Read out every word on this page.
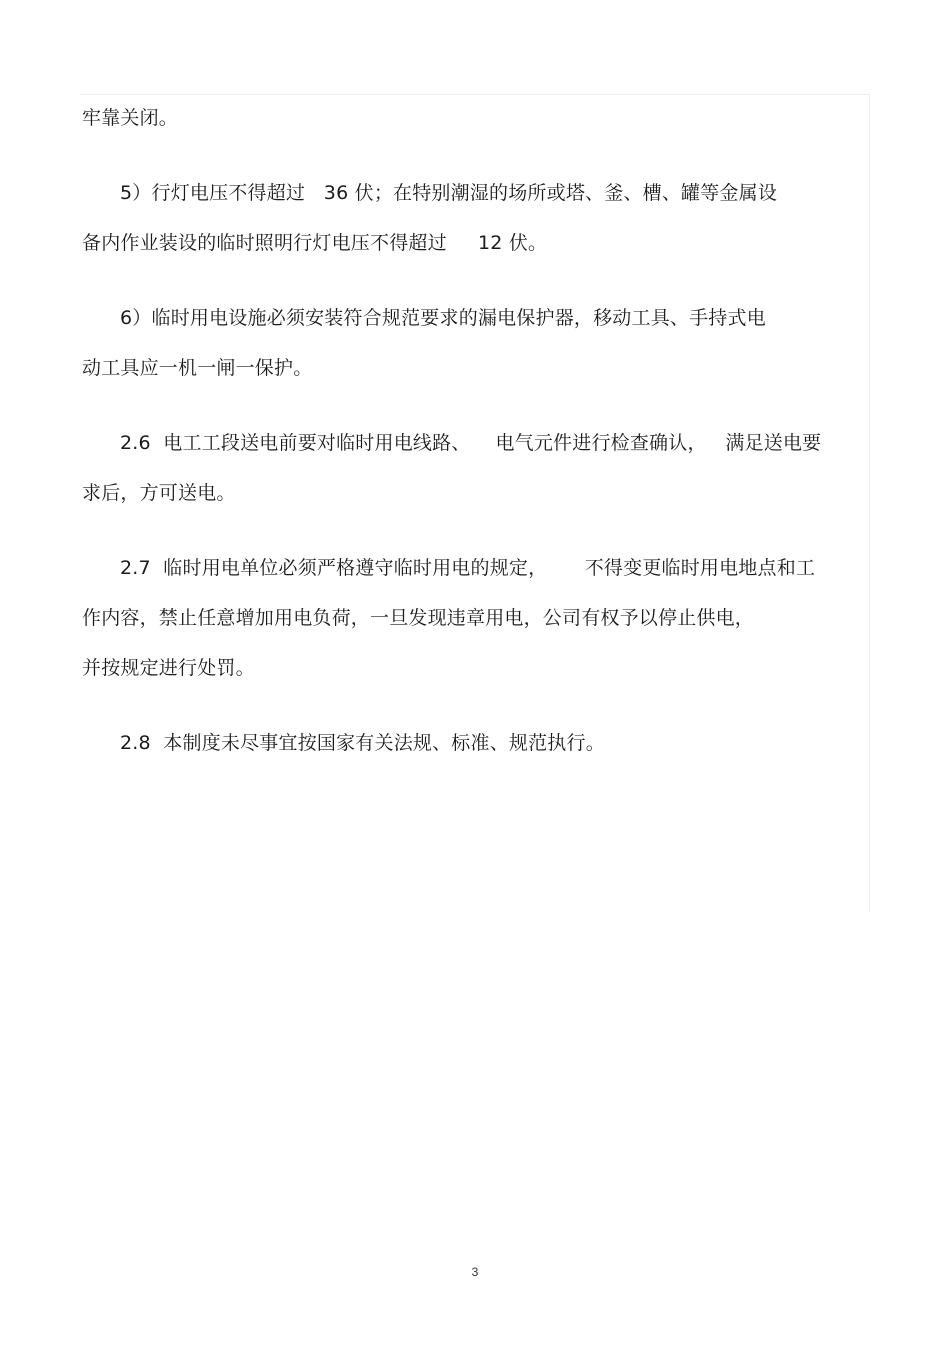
牢靠关闭。
5）行灯电压不得超过   36 伏；在特别潮湿的场所或塔、釜、槽、罐等金属设
备内作业装设的临时照明行灯电压不得超过     12 伏。
6）临时用电设施必须安装符合规范要求的漏电保护器，移动工具、手持式电
动工具应一机一闸一保护。
2.6  电工工段送电前要对临时用电线路、    电气元件进行检查确认，   满足送电要
求后，方可送电。
2.7  临时用电单位必须严格遵守临时用电的规定，      不得变更临时用电地点和工
作内容，禁止任意增加用电负荷，一旦发现违章用电，公司有权予以停止供电，
并按规定进行处罚。
2.8  本制度未尽事宜按国家有关法规、标准、规范执行。
3
